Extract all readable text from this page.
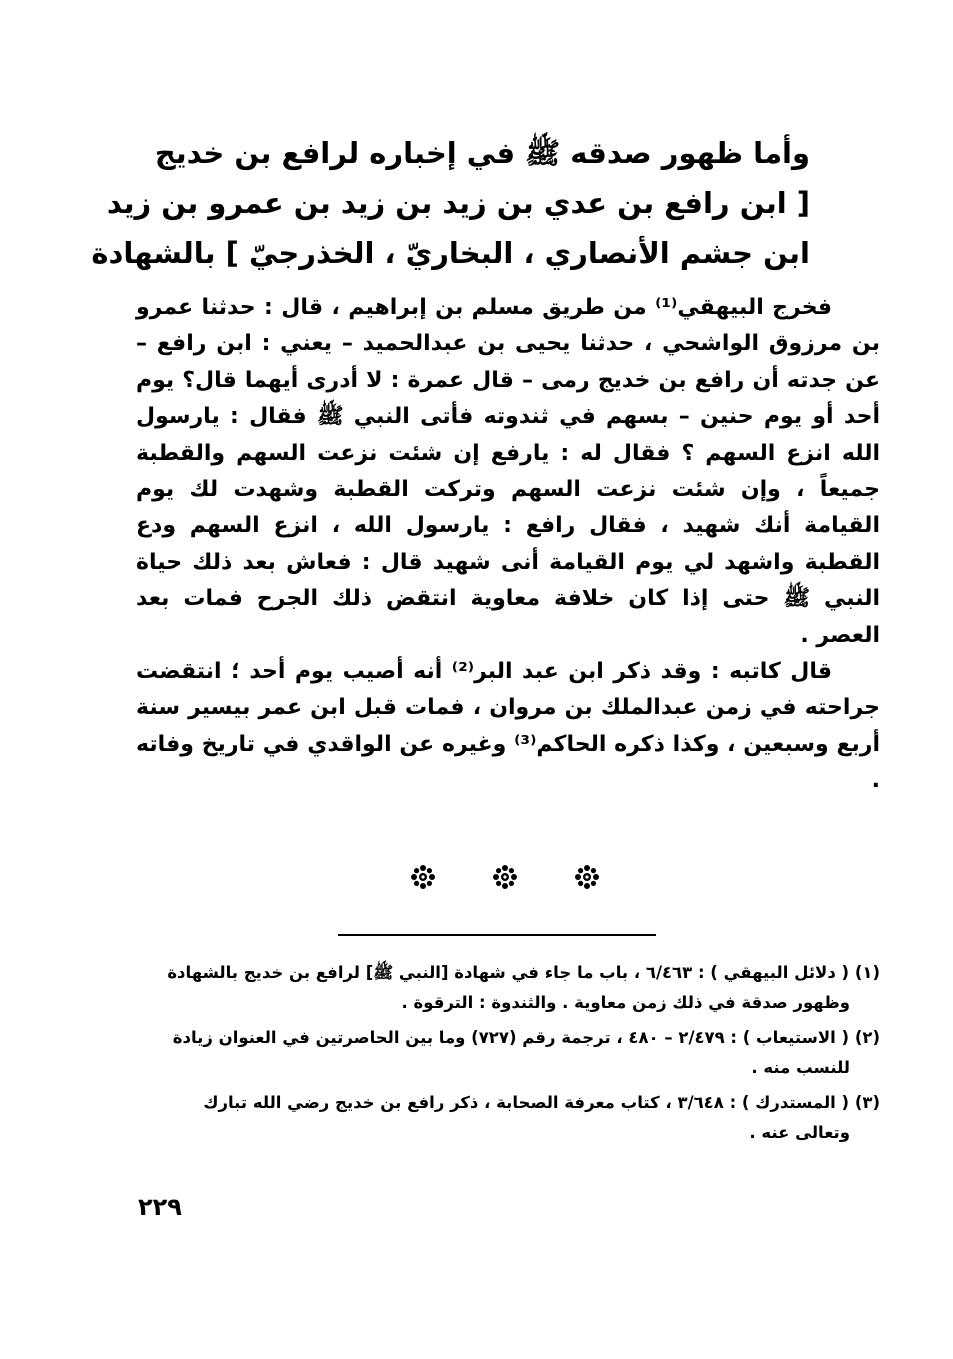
وأما ظهور صدقه ﷺ في إخباره لرافع بن خديج
[ ابن رافع بن عدي بن زيد بن زيد بن عمرو بن زيد
ابن جشم الأنصاري ، البخاريّ ، الخذرجيّ ] بالشهادة

فخرج البيهقي⁽¹⁾ من طريق مسلم بن إبراهيم ، قال : حدثنا عمرو بن مرزوق الواشحي ، حدثنا يحيى بن عبدالحميد – يعني : ابن رافع – عن جدته أن رافع بن خديج رمى – قال عمرة : لا أدرى أيهما قال؟ يوم أحد أو يوم حنين – بسهم في ثندوته فأتى النبي ﷺ فقال : يارسول الله انزع السهم ؟ فقال له : يارفع إن شئت نزعت السهم والقطبة جميعاً ، وإن شئت نزعت السهم وتركت القطبة وشهدت لك يوم القيامة أنك شهيد ، فقال رافع : يارسول الله ، انزع السهم ودع القطبة واشهد لي يوم القيامة أنى شهيد قال : فعاش بعد ذلك حياة النبي ﷺ حتى إذا كان خلافة معاوية انتقض ذلك الجرح فمات بعد العصر .

قال كاتبه : وقد ذكر ابن عبد البر⁽²⁾ أنه أصيب يوم أحد ؛ انتقضت جراحته في زمن عبدالملك بن مروان ، فمات قبل ابن عمر بيسير سنة أربع وسبعين ، وكذا ذكره الحاكم⁽³⁾ وغيره عن الواقدي في تاريخ وفاته .

(١) ( دلائل البيهقي ) : ٦/٤٦٣ ، باب ما جاء في شهادة [النبي ﷺ] لرافع بن خديج بالشهادة
وظهور صدقة في ذلك زمن معاوية . والثندوة : الترقوة .

(٢) ( الاستيعاب ) : ٢/٤٧٩ – ٤٨٠ ، ترجمة رقم (٧٢٧) وما بين الحاصرتين في العنوان زيادة
للنسب منه .

(٣) ( المستدرك ) : ٣/٦٤٨ ، كتاب معرفة الصحابة ، ذكر رافع بن خديج رضي الله تبارك
وتعالى عنه .

٢٢٩
